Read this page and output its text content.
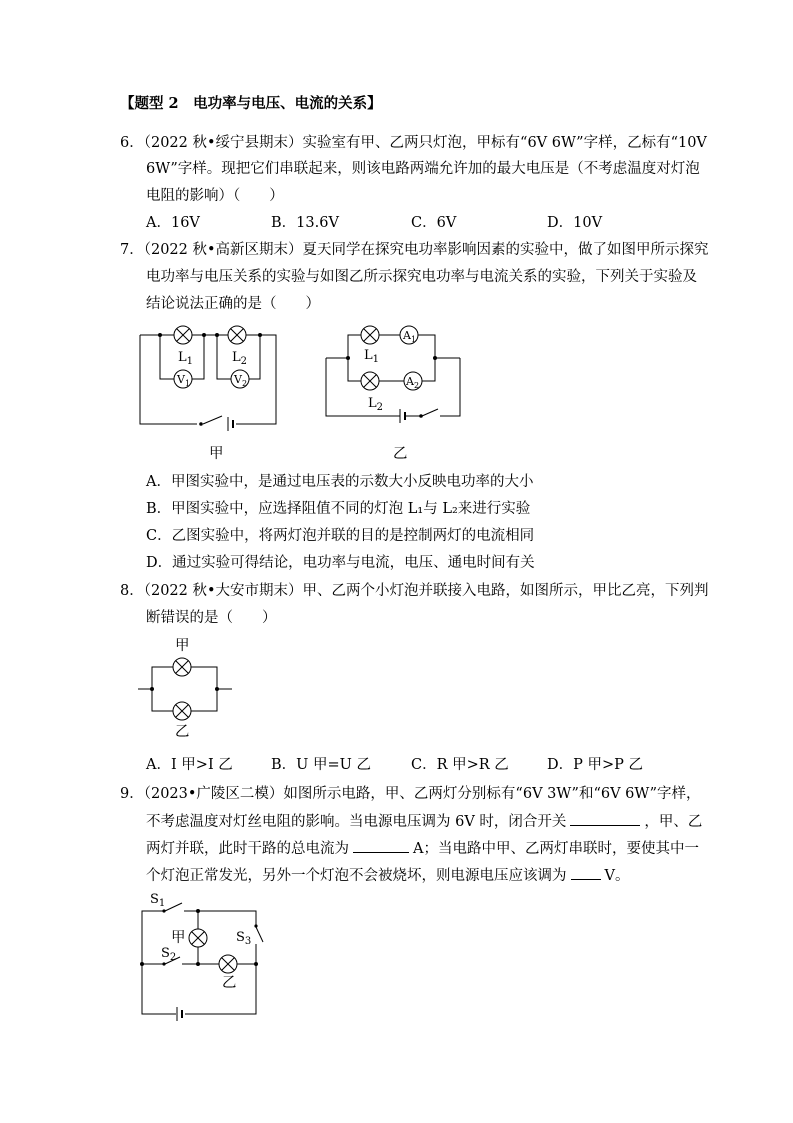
【题型 2　电功率与电压、电流的关系】
6．（2022 秋•绥宁县期末）实验室有甲、乙两只灯泡，甲标有“6V 6W”字样，乙标有“10V
6W”字样。现把它们串联起来，则该电路两端允许加的最大电压是（不考虑温度对灯泡
电阻的影响）（　　）
A．16V	B．13.6V	C．6V	D．10V
7．（2022 秋•高新区期末）夏天同学在探究电功率影响因素的实验中，做了如图甲所示探究
电功率与电压关系的实验与如图乙所示探究电功率与电流关系的实验，下列关于实验及
结论说法正确的是（　　）
$L_1$	$L_2$
$V_1$	$V_2$
甲
$L_1$
$L_2$
$A_1$
$A_2$
乙
A．甲图实验中，是通过电压表的示数大小反映电功率的大小
B．甲图实验中，应选择阻值不同的灯泡 L₁与 L₂来进行实验
C．乙图实验中，将两灯泡并联的目的是控制两灯的电流相同
D．通过实验可得结论，电功率与电流，电压、通电时间有关
8．（2022 秋•大安市期末）甲、乙两个小灯泡并联接入电路，如图所示，甲比乙亮，下列判
断错误的是（　　）
甲
乙
A．I 甲>I 乙	B．U 甲=U 乙	C．R 甲>R 乙	D．P 甲>P 乙
9．（2023•广陵区二模）如图所示电路，甲、乙两灯分别标有“6V 3W”和“6V 6W”字样，
不考虑温度对灯丝电阻的影响。当电源电压调为 6V 时，闭合开关	，甲、乙
两灯并联，此时干路的总电流为	A；当电路中甲、乙两灯串联时，要使其中一
个灯泡正常发光，另外一个灯泡不会被烧坏，则电源电压应该调为	V。
$S_1$
$S_2$
$S_3$
甲
乙
